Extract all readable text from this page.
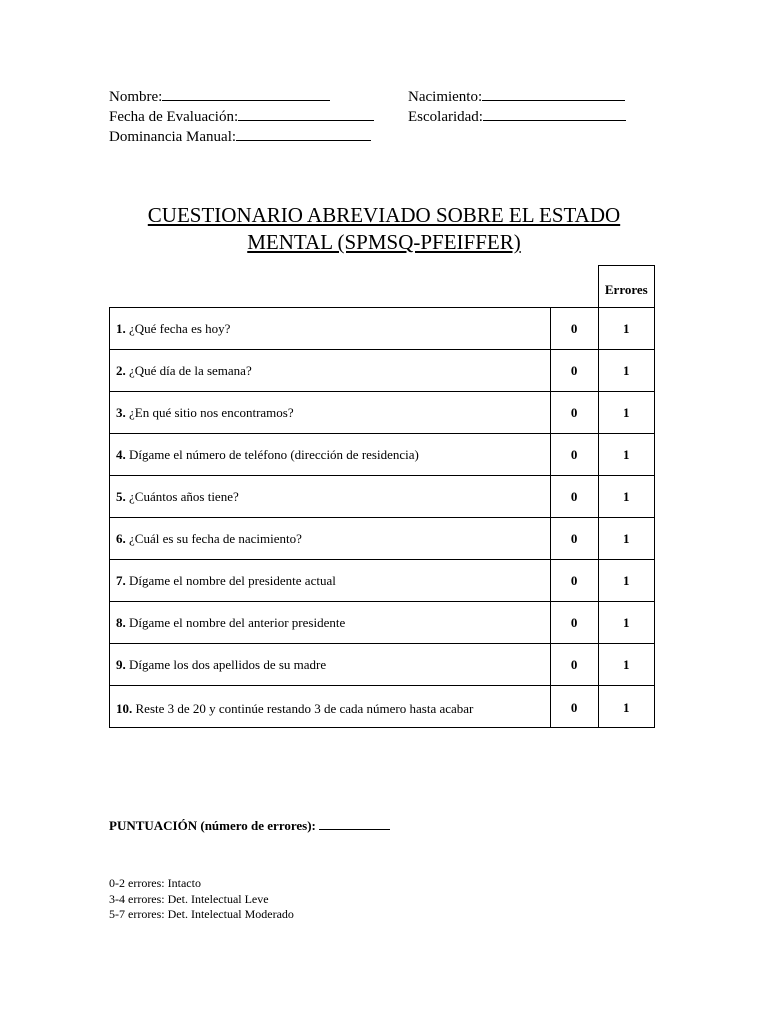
Nombre:	Nacimiento:
Fecha de Evaluación:	Escolaridad:
Dominancia Manual:
CUESTIONARIO ABREVIADO SOBRE EL ESTADO
MENTAL (SPMSQ-PFEIFFER)
		Errores
1. ¿Qué fecha es hoy?	0	1
2. ¿Qué día de la semana?	0	1
3. ¿En qué sitio nos encontramos?	0	1
4. Dígame el número de teléfono (dirección de residencia)	0	1
5. ¿Cuántos años tiene?	0	1
6. ¿Cuál es su fecha de nacimiento?	0	1
7. Dígame el nombre del presidente actual	0	1
8. Dígame el nombre del anterior presidente	0	1
9. Dígame los dos apellidos de su madre	0	1
10. Reste 3 de 20 y continúe restando 3 de cada número hasta acabar	0	1
PUNTUACIÓN (número de errores):
0-2 errores: Intacto
3-4 errores: Det. Intelectual Leve
5-7 errores: Det. Intelectual Moderado
